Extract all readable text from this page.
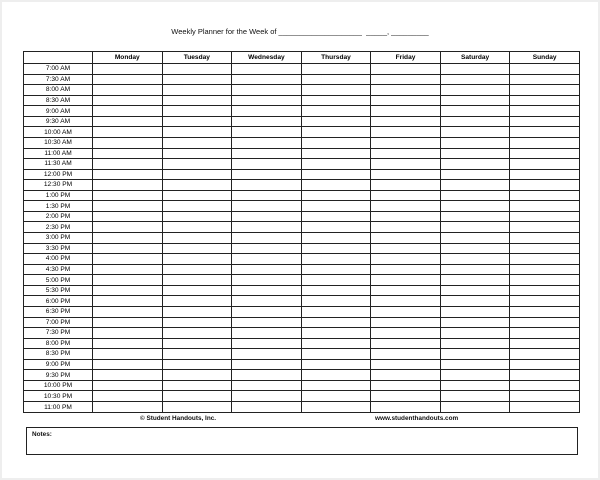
Weekly Planner for the Week of ____________________  _____, _________
	Monday	Tuesday	Wednesday	Thursday	Friday	Saturday	Sunday
7:00 AM							
7:30 AM							
8:00 AM							
8:30 AM							
9:00 AM							
9:30 AM							
10:00 AM							
10:30 AM							
11:00 AM							
11:30 AM							
12:00 PM							
12:30 PM							
1:00 PM							
1:30 PM							
2:00 PM							
2:30 PM							
3:00 PM							
3:30 PM							
4:00 PM							
4:30 PM							
5:00 PM							
5:30 PM							
6:00 PM							
6:30 PM							
7:00 PM							
7:30 PM							
8:00 PM							
8:30 PM							
9:00 PM							
9:30 PM							
10:00 PM							
10:30 PM							
11:00 PM							
© Student Handouts, Inc.	www.studenthandouts.com
Notes:
